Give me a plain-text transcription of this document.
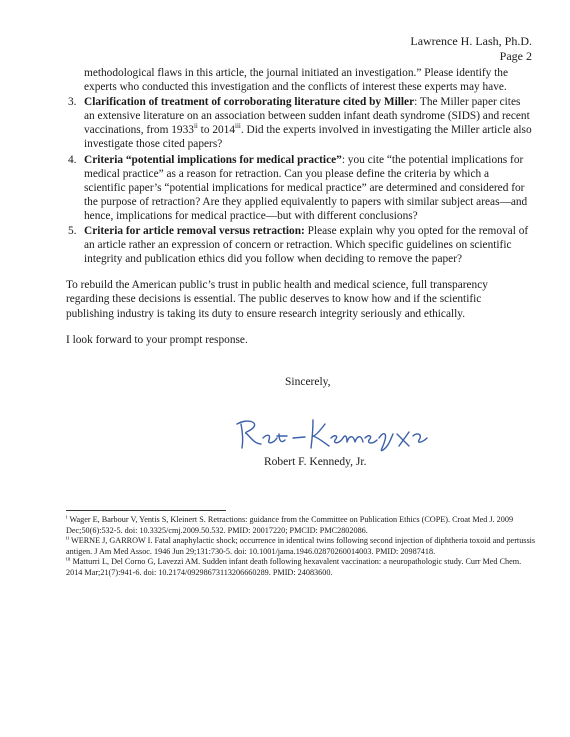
Lawrence H. Lash, Ph.D.
Page 2

methodological flaws in this article, the journal initiated an investigation.” Please identify the experts who conducted this investigation and the conflicts of interest these experts may have.

3. Clarification of treatment of corroborating literature cited by Miller: The Miller paper cites an extensive literature on an association between sudden infant death syndrome (SIDS) and recent vaccinations, from 1933$^{ii}$ to 2014$^{iii}$. Did the experts involved in investigating the Miller article also investigate those cited papers?
4. Criteria “potential implications for medical practice”: you cite “the potential implications for medical practice” as a reason for retraction. Can you please define the criteria by which a scientific paper’s “potential implications for medical practice” are determined and considered for the purpose of retraction? Are they applied equivalently to papers with similar subject areas—and hence, implications for medical practice—but with different conclusions?
5. Criteria for article removal versus retraction: Please explain why you opted for the removal of an article rather an expression of concern or retraction. Which specific guidelines on scientific integrity and publication ethics did you follow when deciding to remove the paper?

To rebuild the American public’s trust in public health and medical science, full transparency regarding these decisions is essential. The public deserves to know how and if the scientific publishing industry is taking its duty to ensure research integrity seriously and ethically.

I look forward to your prompt response.

Sincerely,
Robert F. Kennedy, Jr.

$^i$ Wager E, Barbour V, Yentis S, Kleinert S. Retractions: guidance from the Committee on Publication Ethics (COPE). Croat Med J. 2009 Dec;50(6):532-5. doi: 10.3325/cmj.2009.50.532. PMID: 20017220; PMCID: PMC2802086.

$^{ii}$ WERNE J, GARROW I. Fatal anaphylactic shock; occurrence in identical twins following second injection of diphtheria toxoid and pertussis antigen. J Am Med Assoc. 1946 Jun 29;131:730-5. doi: 10.1001/jama.1946.02870260014003. PMID: 20987418.

$^{iii}$ Matturri L, Del Corno G, Lavezzi AM. Sudden infant death following hexavalent vaccination: a neuropathologic study. Curr Med Chem. 2014 Mar;21(7):941-6. doi: 10.2174/09298673113206660289. PMID: 24083600.
